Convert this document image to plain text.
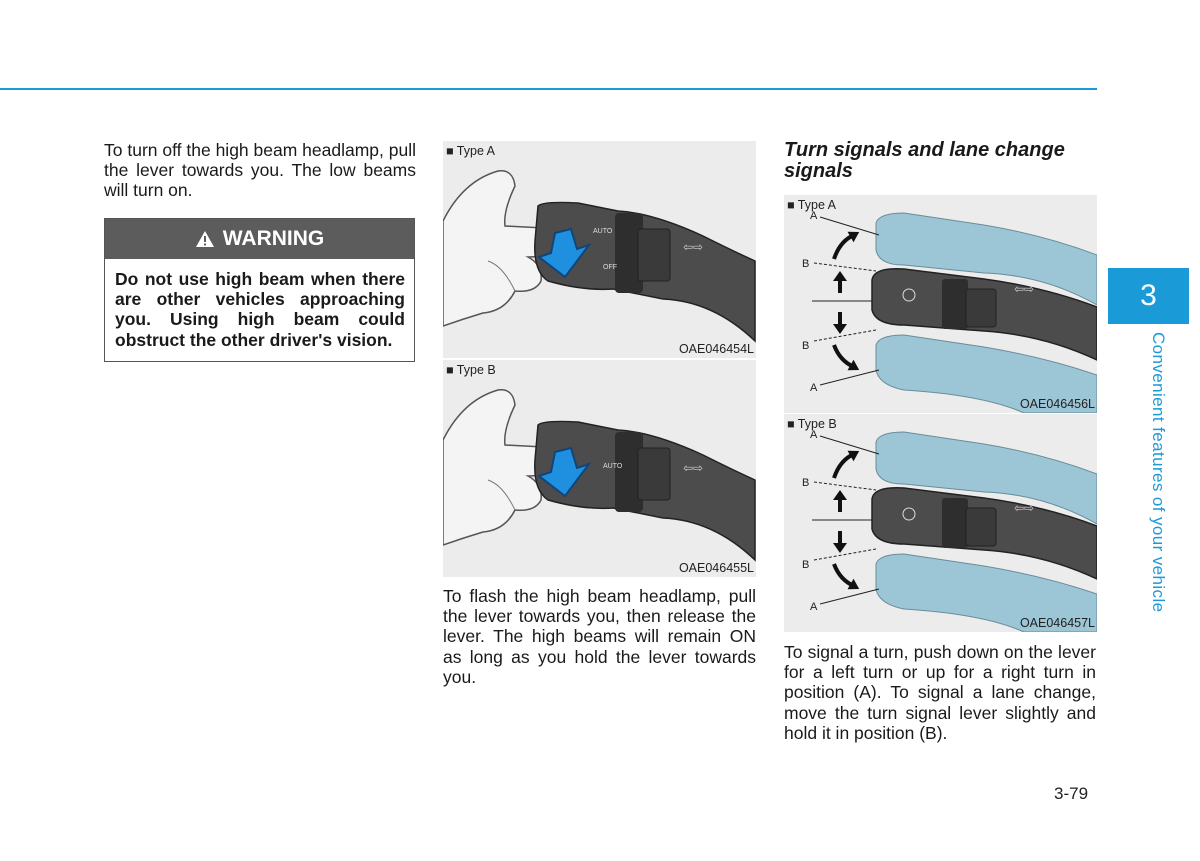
To turn off the high beam headlamp, pull the lever towards you. The low beams will turn on.

WARNING
Do not use high beam when there are other vehicles approaching you. Using high beam could obstruct the other driver's vision.
AUTO
OFF
⇦⇨
■ Type A
OAE046454L
AUTO	⇦⇨
■ Type B
OAE046455L

To flash the high beam headlamp, pull the lever towards you, then release the lever. The high beams will remain ON as long as you hold the lever towards you.

Turn signals and lane change signals
⇦⇨
A
B
B
A
■ Type A
OAE046456L
⇦⇨
A
B
B
A
■ Type B
OAE046457L

To signal a turn, push down on the lever for a left turn or up for a right turn in position (A). To signal a lane change, move the turn signal lever slightly and hold it in position (B).

3
Convenient features of your vehicle
3-79
